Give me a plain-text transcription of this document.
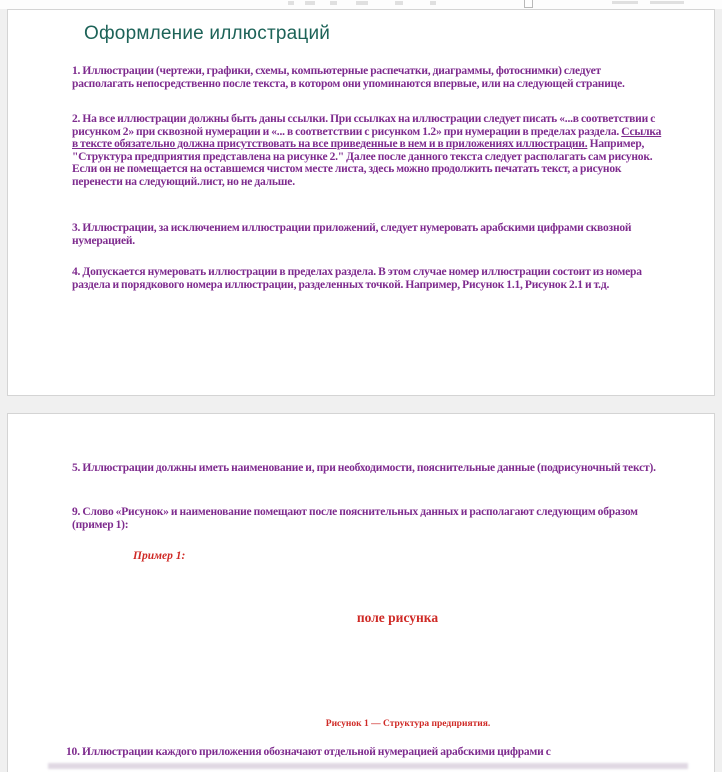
Оформление иллюстраций

1. Иллюстрации (чертежи, графики, схемы, компьютерные распечатки, диаграммы, фотоснимки) следует располагать непосредственно после текста, в котором они упоминаются впервые, или на следующей странице.

2. На все иллюстрации должны быть даны ссылки. При ссылках на иллюстрации следует писать «...в соответствии с рисунком 2» при сквозной нумерации и «... в соответствии с рисунком 1.2» при нумерации в пределах раздела. Ссылка в тексте обязательно должна присутствовать на все приведенные в нем и в приложениях иллюстрации. Например, "Структура предприятия представлена на рисунке 2." Далее после данного текста следует располагать сам рисунок. Если он не помещается на оставшемся чистом месте листа, здесь можно продолжить печатать текст, а рисунок перенести на следующий.лист, но не дальше.

3. Иллюстрации, за исключением иллюстрации приложений, следует нумеровать арабскими цифрами сквозной нумерацией.

4. Допускается нумеровать иллюстрации в пределах раздела. В этом случае номер иллюстрации состоит из номера раздела и порядкового номера иллюстрации, разделенных точкой. Например, Рисунок 1.1, Рисунок 2.1 и т.д.

5. Иллюстрации должны иметь наименование и, при необходимости, пояснительные данные (подрисуночный текст).

9. Слово «Рисунок» и наименование помещают после пояснительных данных и располагают следующим образом (пример 1):

Пример 1:

поле рисунка

Рисунок 1 — Структура предприятия.

10. Иллюстрации каждого приложения обозначают отдельной нумерацией арабскими цифрами с
